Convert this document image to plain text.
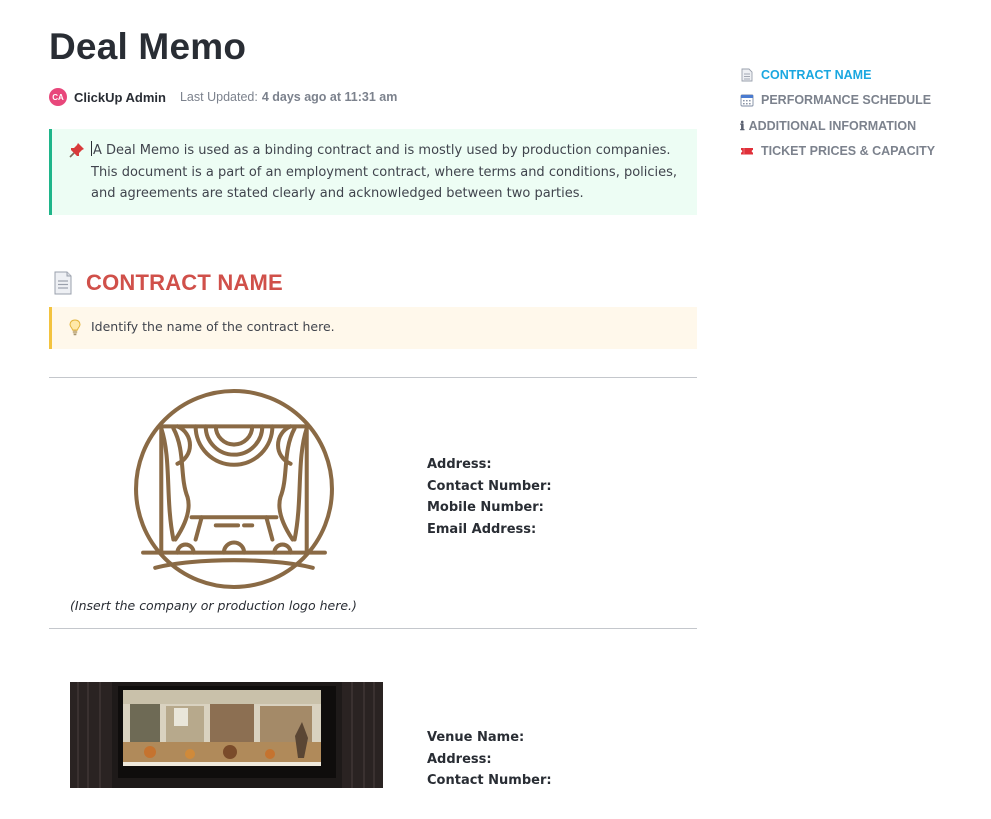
Deal Memo
CA ClickUp Admin Last Updated: 4 days ago at 11:31 am
A Deal Memo is used as a binding contract and is mostly used by production companies. This document is a part of an employment contract, where terms and conditions, policies, and agreements are stated clearly and acknowledged between two parties.
CONTRACT NAME
Identify the name of the contract here.
(Insert the company or production logo here.)
Address:
Contact Number:
Mobile Number:
Email Address:
Venue Name:
Address:
Contact Number:
CONTRACT NAME
PERFORMANCE SCHEDULE
ℹ ADDITIONAL INFORMATION
TICKET PRICES & CAPACITY
